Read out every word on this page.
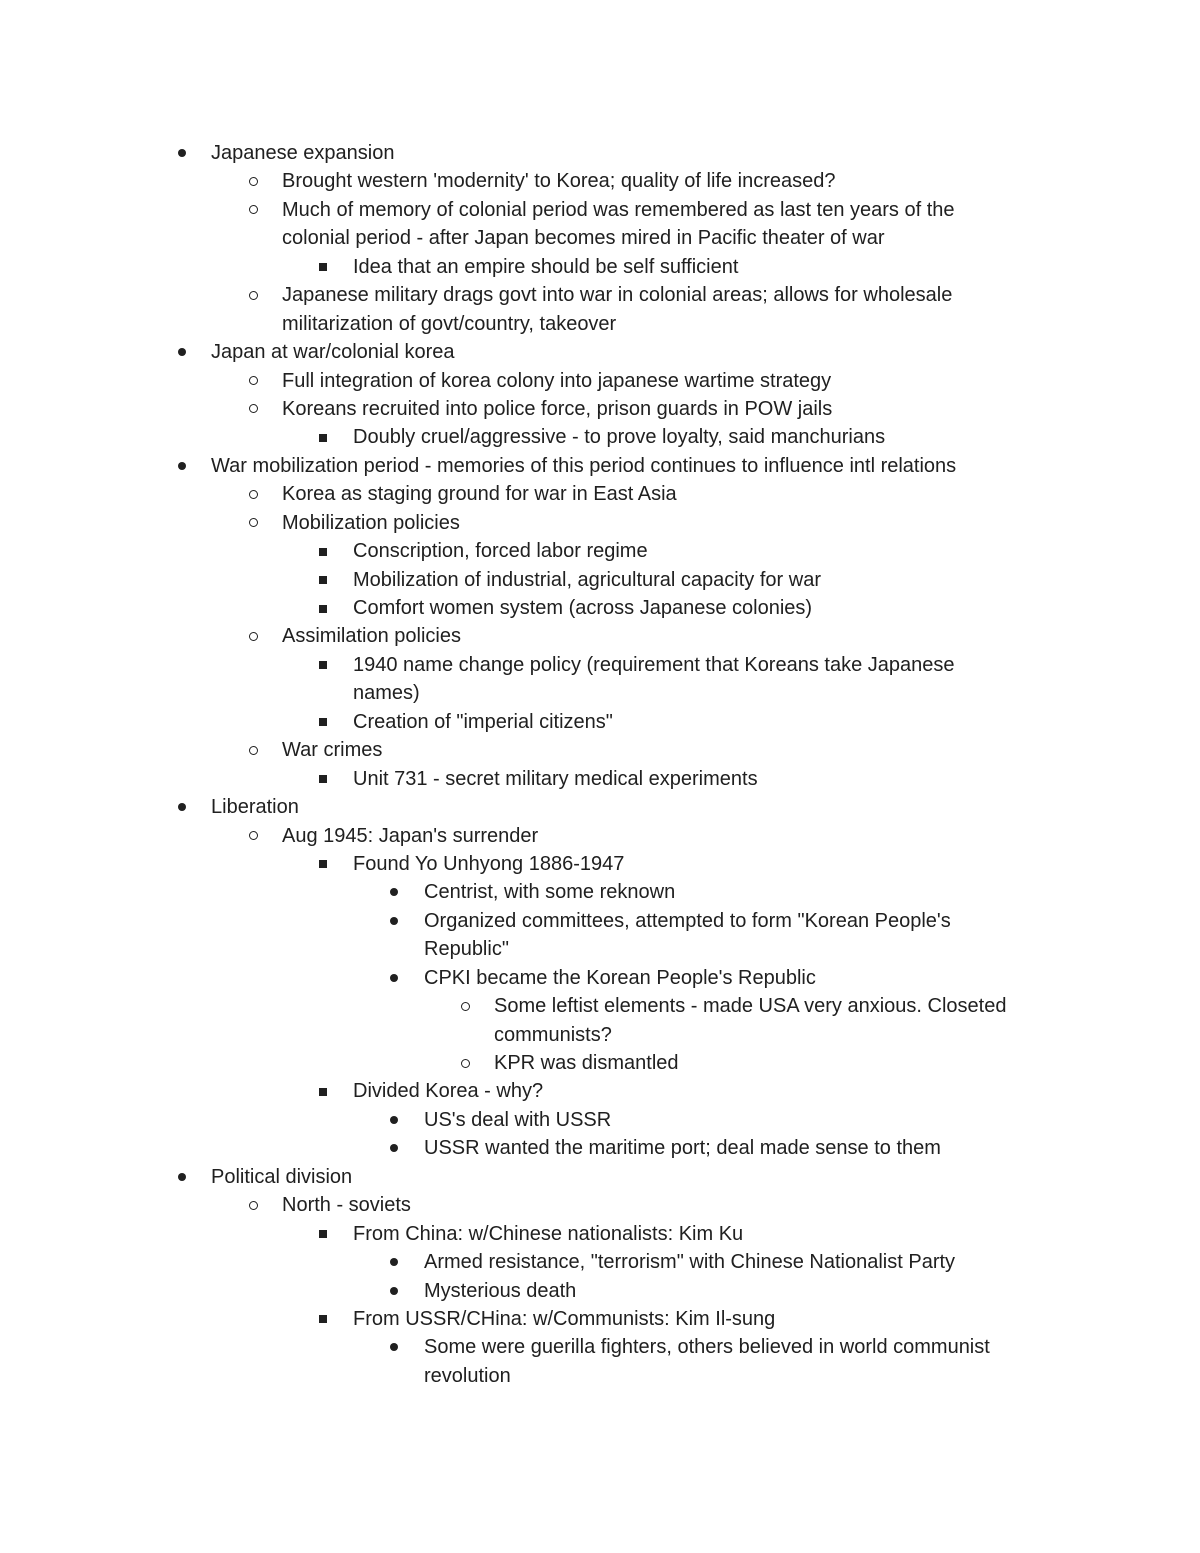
Japanese expansion
Brought western 'modernity' to Korea; quality of life increased?
Much of memory of colonial period was remembered as last ten years of the
colonial period - after Japan becomes mired in Pacific theater of war
Idea that an empire should be self sufficient
Japanese military drags govt into war in colonial areas; allows for wholesale
militarization of govt/country, takeover
Japan at war/colonial korea
Full integration of korea colony into japanese wartime strategy
Koreans recruited into police force, prison guards in POW jails
Doubly cruel/aggressive - to prove loyalty, said manchurians
War mobilization period - memories of this period continues to influence intl relations
Korea as staging ground for war in East Asia
Mobilization policies
Conscription, forced labor regime
Mobilization of industrial, agricultural capacity for war
Comfort women system (across Japanese colonies)
Assimilation policies
1940 name change policy (requirement that Koreans take Japanese
names)
Creation of "imperial citizens"
War crimes
Unit 731 - secret military medical experiments
Liberation
Aug 1945: Japan's surrender
Found Yo Unhyong 1886-1947
Centrist, with some reknown
Organized committees, attempted to form "Korean People's
Republic"
CPKI became the Korean People's Republic
Some leftist elements - made USA very anxious. Closeted
communists?
KPR was dismantled
Divided Korea - why?
US's deal with USSR
USSR wanted the maritime port; deal made sense to them
Political division
North - soviets
From China: w/Chinese nationalists: Kim Ku
Armed resistance, "terrorism" with Chinese Nationalist Party
Mysterious death
From USSR/CHina: w/Communists: Kim Il-sung
Some were guerilla fighters, others believed in world communist
revolution
